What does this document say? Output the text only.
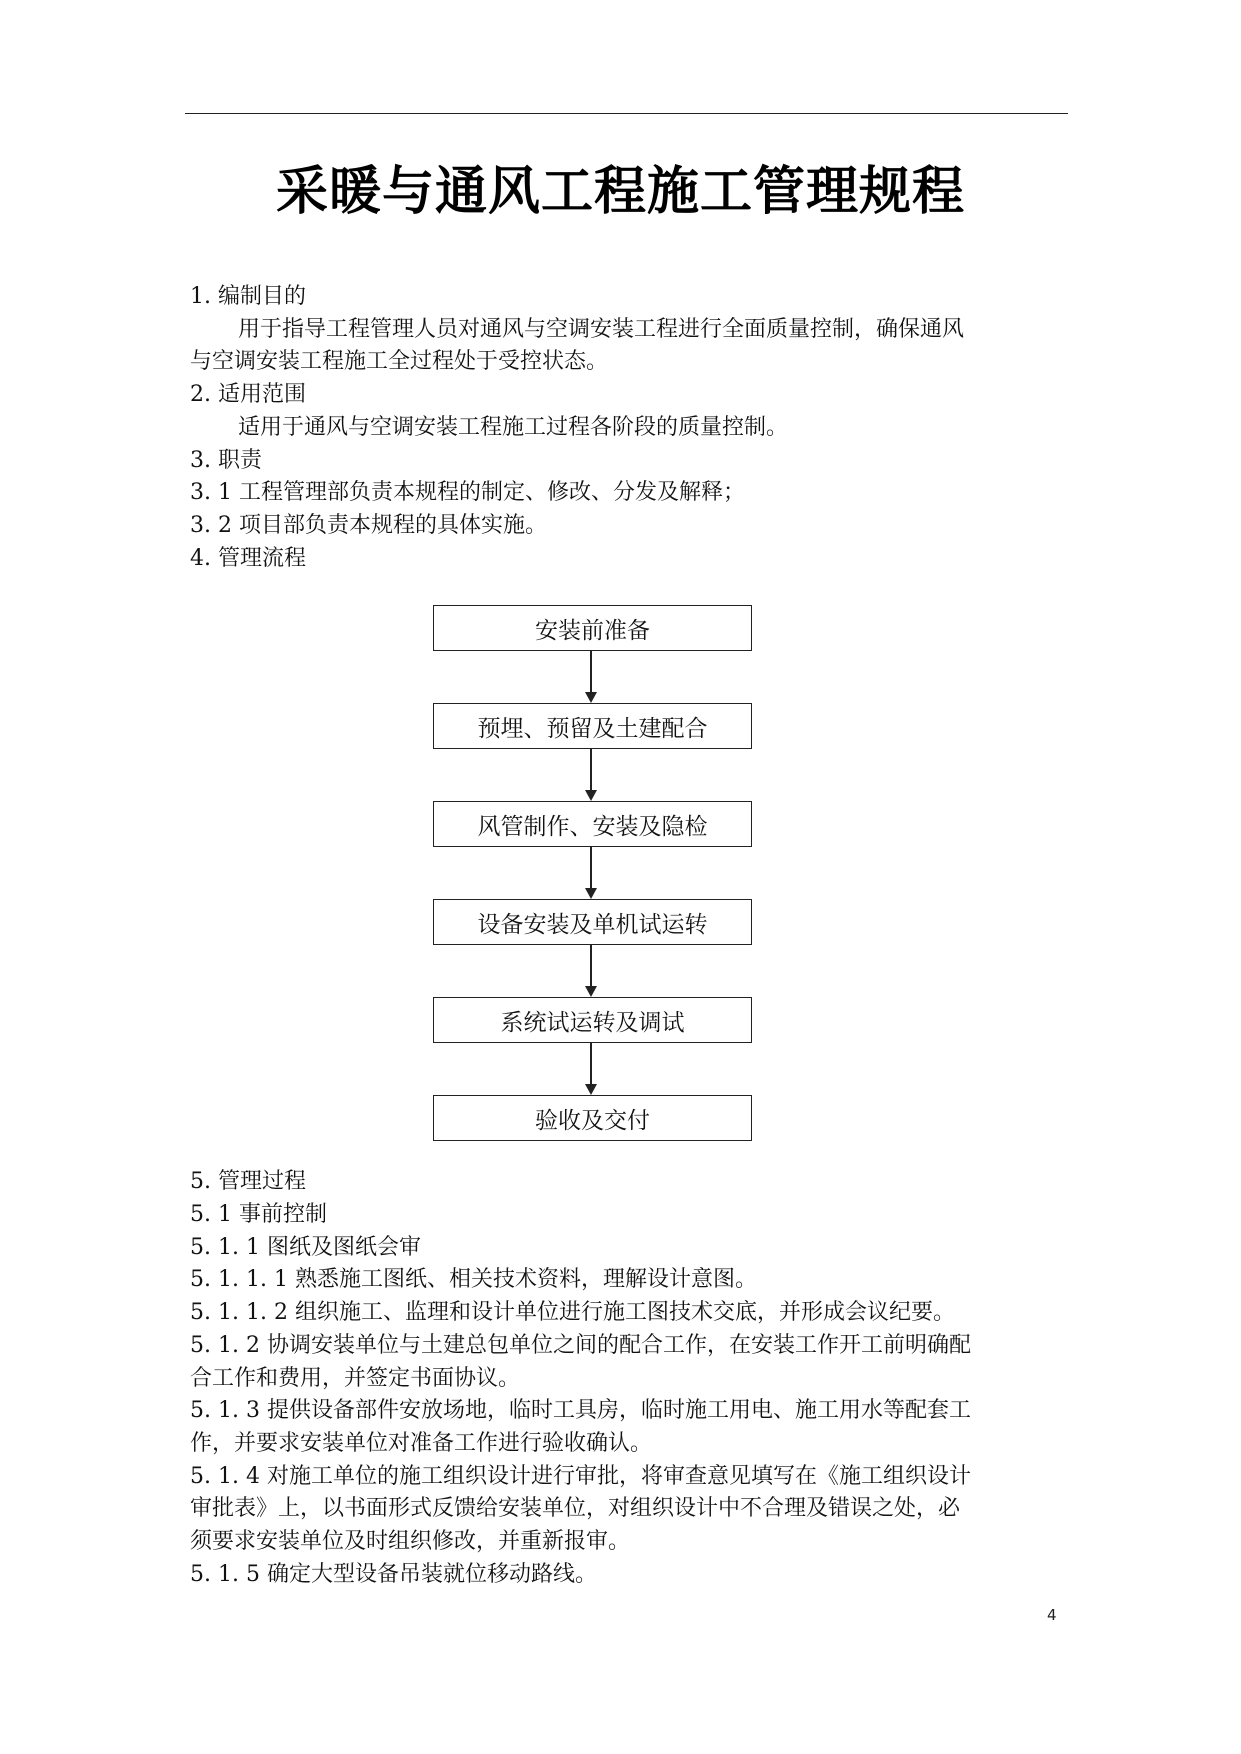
采暖与通风工程施工管理规程
1. 编制目的
用于指导工程管理人员对通风与空调安装工程进行全面质量控制，确保通风
与空调安装工程施工全过程处于受控状态。
2. 适用范围
适用于通风与空调安装工程施工过程各阶段的质量控制。
3. 职责
3. 1 工程管理部负责本规程的制定、修改、分发及解释；
3. 2 项目部负责本规程的具体实施。
4. 管理流程
安装前准备
预埋、预留及土建配合
风管制作、安装及隐检
设备安装及单机试运转
系统试运转及调试
验收及交付
5. 管理过程
5. 1 事前控制
5. 1. 1 图纸及图纸会审
5. 1. 1. 1 熟悉施工图纸、相关技术资料，理解设计意图。
5. 1. 1. 2 组织施工、监理和设计单位进行施工图技术交底，并形成会议纪要。
5. 1. 2 协调安装单位与土建总包单位之间的配合工作，在安装工作开工前明确配
合工作和费用，并签定书面协议。
5. 1. 3 提供设备部件安放场地，临时工具房，临时施工用电、施工用水等配套工
作，并要求安装单位对准备工作进行验收确认。
5. 1. 4 对施工单位的施工组织设计进行审批，将审查意见填写在《施工组织设计
审批表》上，以书面形式反馈给安装单位，对组织设计中不合理及错误之处，必
须要求安装单位及时组织修改，并重新报审。
5. 1. 5 确定大型设备吊装就位移动路线。
4
